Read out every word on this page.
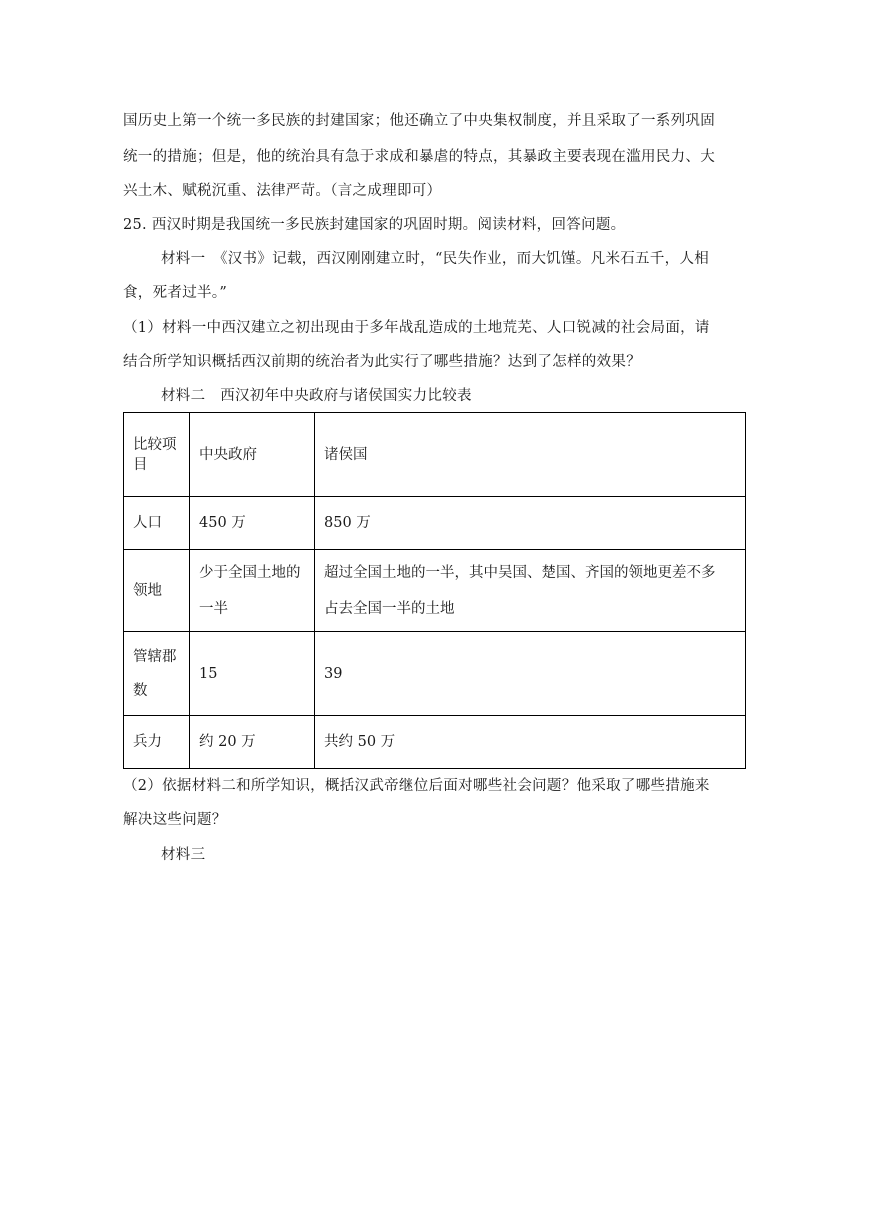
国历史上第一个统一多民族的封建国家；他还确立了中央集权制度，并且采取了一系列巩固
统一的措施；但是，他的统治具有急于求成和暴虐的特点，其暴政主要表现在滥用民力、大
兴土木、赋税沉重、法律严苛。（言之成理即可）
25. 西汉时期是我国统一多民族封建国家的巩固时期。阅读材料，回答问题。
材料一　《汉书》记载，西汉刚刚建立时，“民失作业，而大饥馑。凡米石五千，人相
食，死者过半。”
（1）材料一中西汉建立之初出现由于多年战乱造成的土地荒芜、人口锐减的社会局面，请
结合所学知识概括西汉前期的统治者为此实行了哪些措施？达到了怎样的效果？
材料二　西汉初年中央政府与诸侯国实力比较表
比较项
目	中央政府	诸侯国

人口	450 万	850 万

领地	少于全国土地的
一半	超过全国土地的一半，其中吴国、楚国、齐国的领地更差不多
占去全国一半的土地

管辖郡
数	15	39

兵力	约 20 万	共约 50 万
（2）依据材料二和所学知识，概括汉武帝继位后面对哪些社会问题？他采取了哪些措施来
解决这些问题？
材料三
